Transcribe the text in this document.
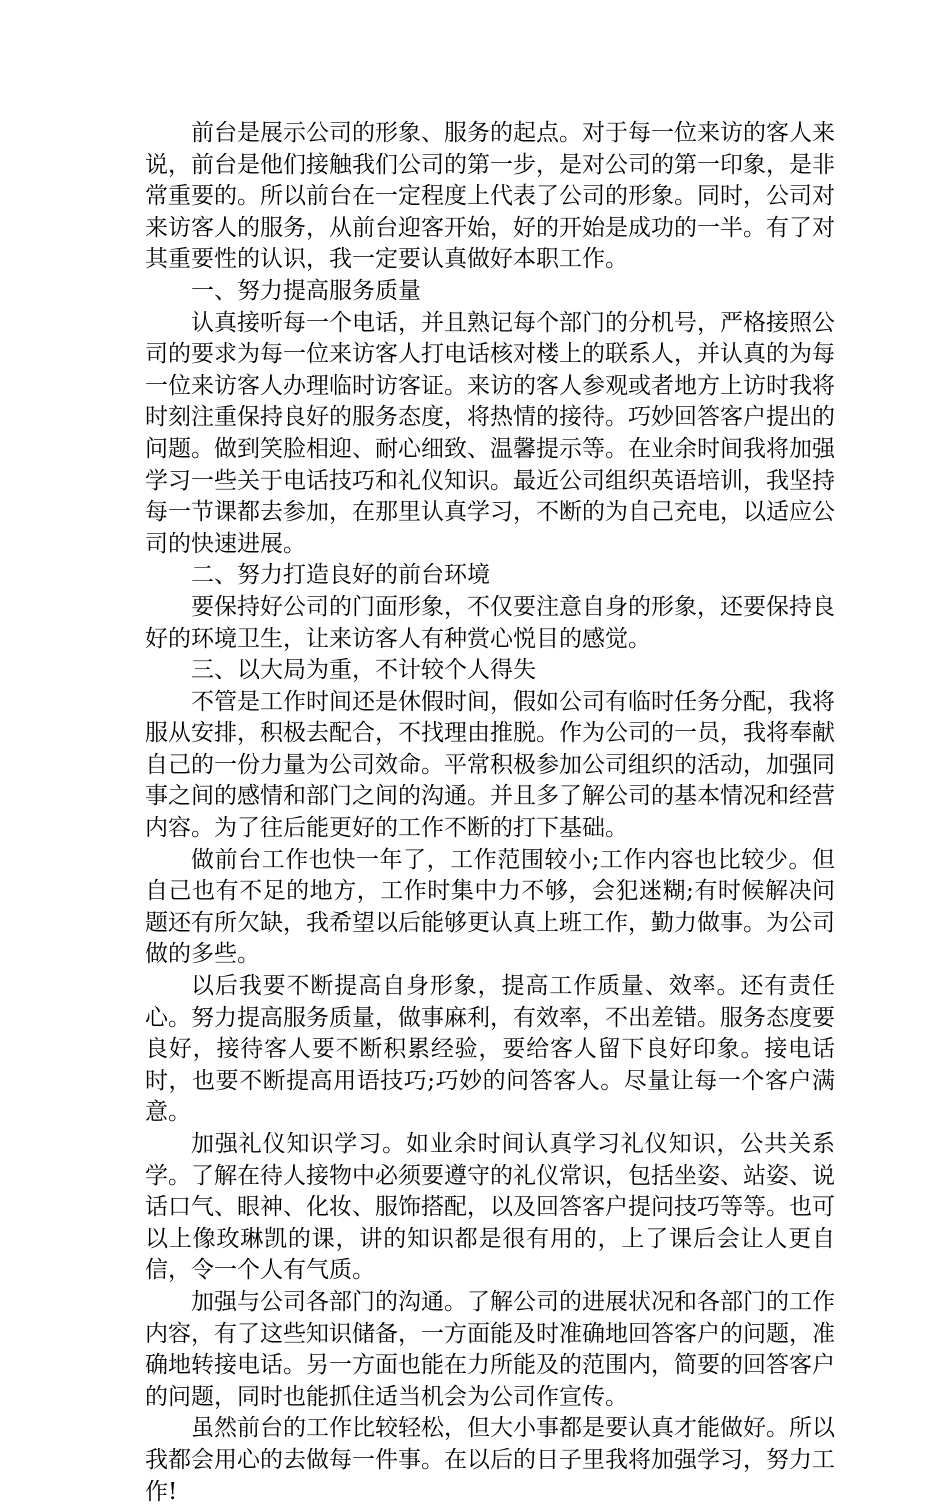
前台是展示公司的形象、服务的起点。对于每一位来访的客人来说，前台是他们接触我们公司的第一步，是对公司的第一印象，是非常重要的。所以前台在一定程度上代表了公司的形象。同时，公司对来访客人的服务，从前台迎客开始，好的开始是成功的一半。有了对其重要性的认识，我一定要认真做好本职工作。

一、努力提高服务质量

认真接听每一个电话，并且熟记每个部门的分机号，严格接照公司的要求为每一位来访客人打电话核对楼上的联系人，并认真的为每一位来访客人办理临时访客证。来访的客人参观或者地方上访时我将时刻注重保持良好的服务态度，将热情的接待。巧妙回答客户提出的问题。做到笑脸相迎、耐心细致、温馨提示等。在业余时间我将加强学习一些关于电话技巧和礼仪知识。最近公司组织英语培训，我坚持每一节课都去参加，在那里认真学习，不断的为自己充电，以适应公司的快速进展。

二、努力打造良好的前台环境

要保持好公司的门面形象，不仅要注意自身的形象，还要保持良好的环境卫生，让来访客人有种赏心悦目的感觉。

三、以大局为重，不计较个人得失

不管是工作时间还是休假时间，假如公司有临时任务分配，我将服从安排，积极去配合，不找理由推脱。作为公司的一员，我将奉献自己的一份力量为公司效命。平常积极参加公司组织的活动，加强同事之间的感情和部门之间的沟通。并且多了解公司的基本情况和经营内容。为了往后能更好的工作不断的打下基础。

做前台工作也快一年了，工作范围较小;工作内容也比较少。但自己也有不足的地方，工作时集中力不够，会犯迷糊;有时候解决问题还有所欠缺，我希望以后能够更认真上班工作，勤力做事。为公司做的多些。

以后我要不断提高自身形象，提高工作质量、效率。还有责任心。努力提高服务质量，做事麻利，有效率，不出差错。服务态度要良好，接待客人要不断积累经验，要给客人留下良好印象。接电话时，也要不断提高用语技巧;巧妙的问答客人。尽量让每一个客户满意。

加强礼仪知识学习。如业余时间认真学习礼仪知识，公共关系学。了解在待人接物中必须要遵守的礼仪常识，包括坐姿、站姿、说话口气、眼神、化妆、服饰搭配，以及回答客户提问技巧等等。也可以上像玫琳凯的课，讲的知识都是很有用的，上了课后会让人更自信，令一个人有气质。

加强与公司各部门的沟通。了解公司的进展状况和各部门的工作内容，有了这些知识储备，一方面能及时准确地回答客户的问题，准确地转接电话。另一方面也能在力所能及的范围内，简要的回答客户的问题，同时也能抓住适当机会为公司作宣传。

虽然前台的工作比较轻松，但大小事都是要认真才能做好。所以我都会用心的去做每一件事。在以后的日子里我将加强学习，努力工作!
